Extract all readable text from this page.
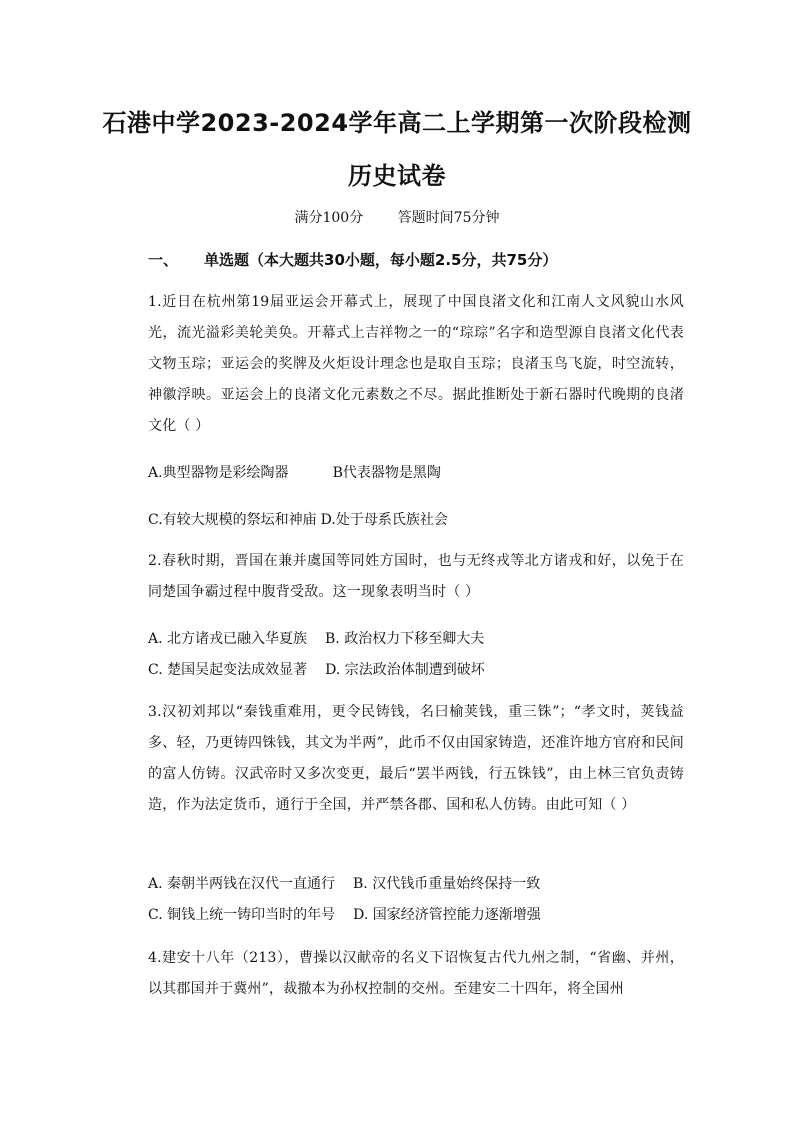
石港中学2023-2024学年高二上学期第一次阶段检测
历史试卷
满分100分 答题时间75分钟
一、 单选题（本大题共30小题，每小题2.5分，共75分）
1.近日在杭州第19届亚运会开幕式上，展现了中国良渚文化和江南人文风貌山水风光，流光溢彩美轮美奂。开幕式上吉祥物之一的“琮琮”名字和造型源自良渚文化代表文物玉琮；亚运会的奖牌及火炬设计理念也是取自玉琮；良渚玉鸟飞旋，时空流转，神徽浮映。亚运会上的良渚文化元素数之不尽。据此推断处于新石器时代晚期的良渚文化（ ）
A.典型器物是彩绘陶器	B代表器物是黑陶
C.有较大规模的祭坛和神庙 D.处于母系氏族社会
2.春秋时期，晋国在兼并虞国等同姓方国时，也与无终戎等北方诸戎和好，以免于在同楚国争霸过程中腹背受敌。这一现象表明当时（ ）
A. 北方诸戎已融入华夏族 B. 政治权力下移至卿大夫
C. 楚国吴起变法成效显著 D. 宗法政治体制遭到破坏
3.汉初刘邦以“秦钱重难用，更令民铸钱，名曰榆荚钱，重三铢”；“孝文时，荚钱益多、轻，乃更铸四铢钱，其文为半两”，此币不仅由国家铸造，还准许地方官府和民间的富人仿铸。汉武帝时又多次变更，最后“罢半两钱，行五铢钱”，由上林三官负责铸造，作为法定货币，通行于全国，并严禁各郡、国和私人仿铸。由此可知（ ）
A. 秦朝半两钱在汉代一直通行 B. 汉代钱币重量始终保持一致
C. 铜钱上统一铸印当时的年号 D. 国家经济管控能力逐渐增强
4.建安十八年（213），曹操以汉献帝的名义下诏恢复古代九州之制，“省幽、并州，以其郡国并于冀州”，裁撤本为孙权控制的交州。至建安二十四年，将全国州
